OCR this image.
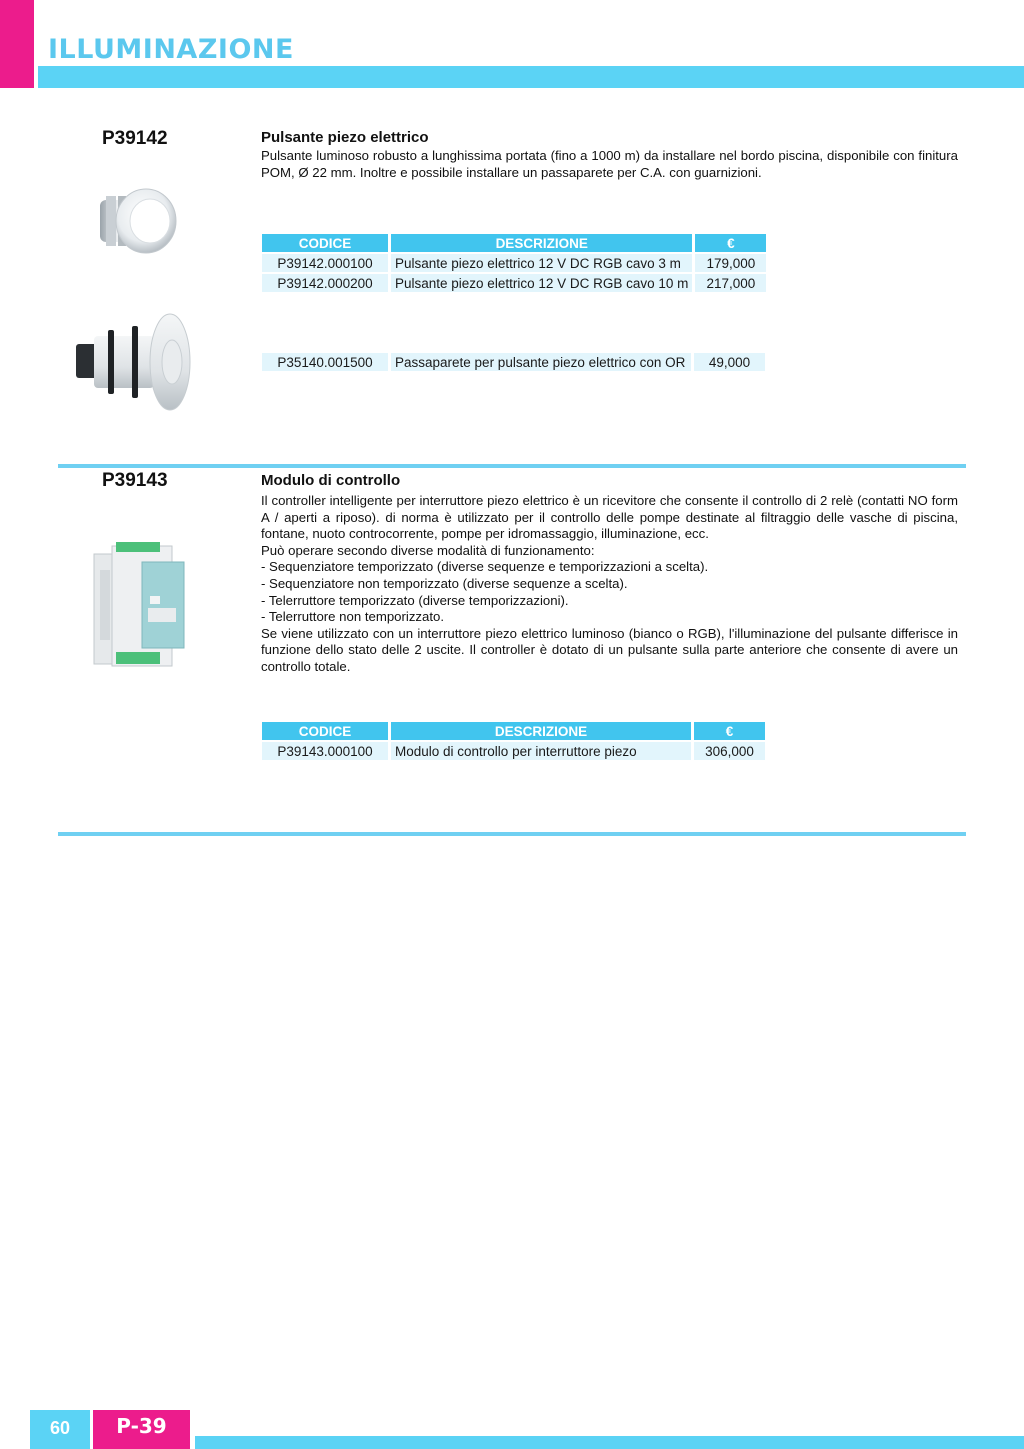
ILLUMINAZIONE
P39142	Pulsante piezo elettrico
Pulsante luminoso robusto a lunghissima portata (fino a 1000 m) da installare nel bordo piscina, disponibile con finitura POM, Ø 22 mm. Inoltre e possibile installare un passaparete per C.A. con guarnizioni.
CODICE	DESCRIZIONE	€
P39142.000100	Pulsante piezo elettrico 12 V DC RGB cavo 3 m	179,000
P39142.000200	Pulsante piezo elettrico 12 V DC RGB cavo 10 m	217,000
P35140.001500	Passaparete per pulsante piezo elettrico con OR	49,000
P39143	Modulo di controllo

Il controller intelligente per interruttore piezo elettrico è un ricevitore che consente il controllo di 2 relè (contatti NO form A / aperti a riposo). di norma è utilizzato per il controllo delle pompe destinate al filtraggio delle vasche di piscina, fontane, nuoto controcorrente, pompe per idromassaggio, illuminazione, ecc.

Può operare secondo diverse modalità di funzionamento:

- Sequenziatore temporizzato (diverse sequenze e temporizzazioni a scelta).

- Sequenziatore non temporizzato (diverse sequenze a scelta).

- Telerruttore temporizzato (diverse temporizzazioni).

- Telerruttore non temporizzato.

Se viene utilizzato con un interruttore piezo elettrico luminoso (bianco o RGB), l'illuminazione del pulsante differisce in funzione dello stato delle 2 uscite. Il controller è dotato di un pulsante sulla parte anteriore che consente di avere un controllo totale.

CODICE	DESCRIZIONE	€
P39143.000100	Modulo di controllo per interruttore piezo	306,000
60	P-39
